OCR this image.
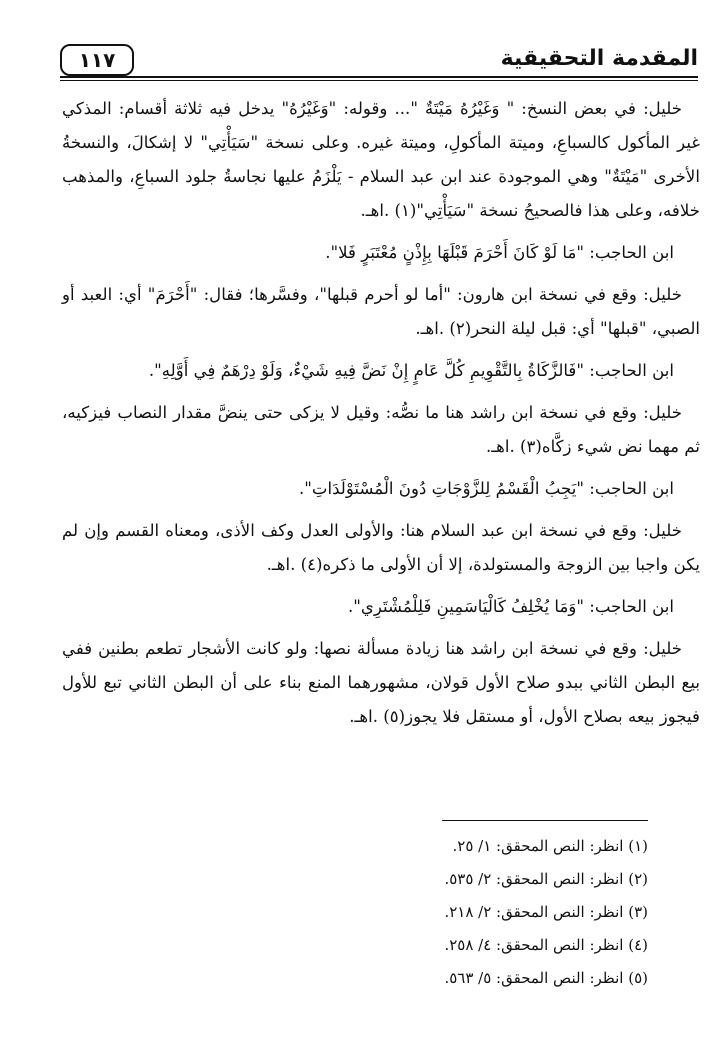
المقدمة التحقيقية
١١٧

خليل: في بعض النسخ: " وَغَيْرُهُ مَيْتَةٌ "... وقوله: "وَغَيْرُهُ" يدخل فيه ثلاثة أقسام: المذكي غير المأكول كالسباعِ، وميتة المأكولِ، وميتة غيره. وعلى نسخة "سَيَأْتِي" لا إشكالَ، والنسخةُ الأخرى "مَيْتَةٌ" وهي الموجودة عند ابن عبد السلام - يَلْزَمُ عليها نجاسةُ جلود السباعِ، والمذهب خلافه، وعلى هذا فالصحيحُ نسخة "سَيَأْتِي"(١) .اهـ.

ابن الحاجب: "مَا لَوْ كَانَ أَحْرَمَ قَبْلَهَا بِإِذْنٍ مُعْتَبَرٍ فَلا".

خليل: وقع في نسخة ابن هارون: "أما لو أحرم قبلها"، وفسَّرها؛ فقال: "أَحْرَمَ" أي: العبد أو الصبي، "قبلها" أي: قبل ليلة النحر(٢) .اهـ.

ابن الحاجب: "فَالزَّكَاةُ بِالتَّقْوِيمِ كُلَّ عَامٍ إِنْ نَضَّ فِيهِ شَيْءٌ، وَلَوْ دِرْهَمٌ فِي أَوَّلِهِ".

خليل: وقع في نسخة ابن راشد هنا ما نصُّه: وقيل لا يزكى حتى ينضَّ مقدار النصاب فيزكيه، ثم مهما نض شيء زكَّاه(٣) .اهـ.

ابن الحاجب: "يَجِبُ الْقَسْمُ لِلزَّوْجَاتِ دُونَ الْمُسْتَوْلَدَاتِ".

خليل: وقع في نسخة ابن عبد السلام هنا: والأولى العدل وكف الأذى، ومعناه القسم وإن لم يكن واجبا بين الزوجة والمستولدة، إلا أن الأولى ما ذكره(٤) .اهـ.

ابن الحاجب: "وَمَا يُخْلِفُ كَالْيَاسَمِينِ فَلِلْمُشْتَرِي".

خليل: وقع في نسخة ابن راشد هنا زيادة مسألة نصها: ولو كانت الأشجار تطعم بطنين ففي بيع البطن الثاني ببدو صلاح الأول قولان، مشهورهما المنع بناء على أن البطن الثاني تبع للأول فيجوز بيعه بصلاح الأول، أو مستقل فلا يجوز(٥) .اهـ.

(١) انظر: النص المحقق: ١/ ٢٥.

(٢) انظر: النص المحقق: ٢/ ٥٣٥.

(٣) انظر: النص المحقق: ٢/ ٢١٨.

(٤) انظر: النص المحقق: ٤/ ٢٥٨.

(٥) انظر: النص المحقق: ٥/ ٥٦٣.
